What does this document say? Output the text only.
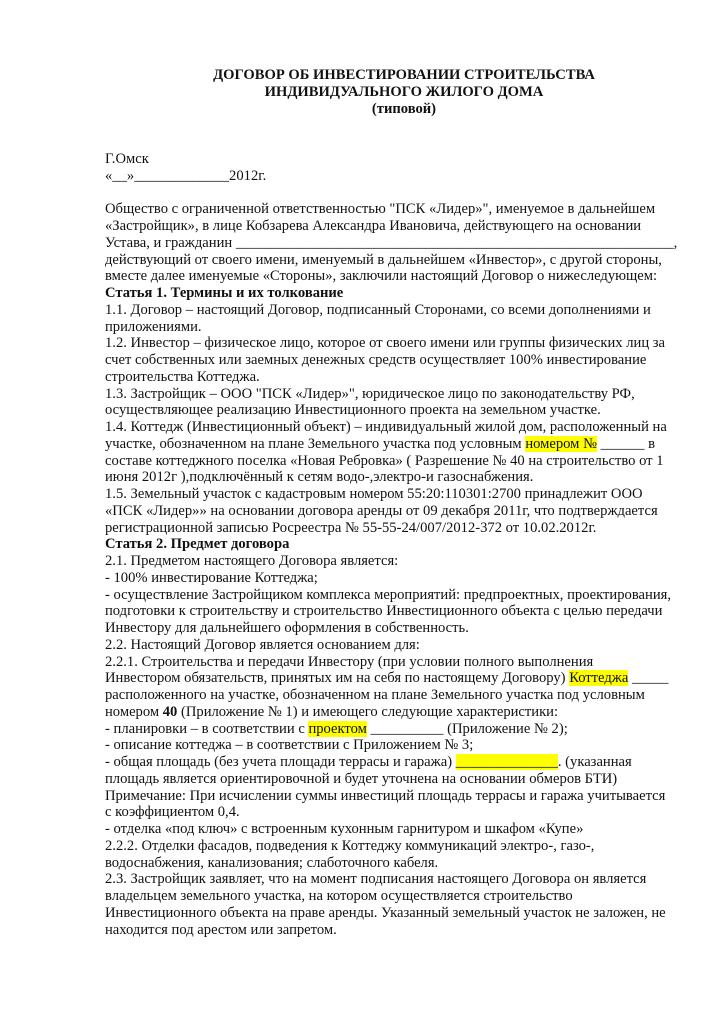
ДОГОВОР ОБ ИНВЕСТИРОВАНИИ СТРОИТЕЛЬСТВА
ИНДИВИДУАЛЬНОГО ЖИЛОГО ДОМА
(типовой)
Г.Омск
«__»_____________2012г.
Общество с ограниченной ответственностью "ПСК «Лидер»", именуемое в дальнейшем
«Застройщик», в лице Кобзарева Александра Ивановича, действующего на основании
Устава, и гражданин ____________________________________________________________,
действующий от своего имени, именуемый в дальнейшем «Инвестор», с другой стороны,
вместе далее именуемые «Стороны», заключили настоящий Договор о нижеследующем:
Статья 1. Термины и их толкование
1.1. Договор – настоящий Договор, подписанный Сторонами, со всеми дополнениями и
приложениями.
1.2. Инвестор – физическое лицо, которое от своего имени или группы физических лиц за
счет собственных или заемных денежных средств осуществляет 100% инвестирование
строительства Коттеджа.
1.3. Застройщик – ООО "ПСК «Лидер»", юридическое лицо по законодательству РФ,
осуществляющее реализацию Инвестиционного проекта на земельном участке.
1.4. Коттедж (Инвестиционный объект) – индивидуальный жилой дом, расположенный на
участке, обозначенном на плане Земельного участка под условным номером № ______ в
составе коттеджного поселка «Новая Ребровка» ( Разрешение № 40 на строительство от 1
июня 2012г ),подключённый к сетям водо-,электро-и газоснабжения.
1.5. Земельный участок с кадастровым номером 55:20:110301:2700 принадлежит ООО
«ПСК «Лидер»» на основании договора аренды от 09 декабря 2011г, что подтверждается
регистрационной записью Росреестра № 55-55-24/007/2012-372 от 10.02.2012г.
Статья 2. Предмет договора
2.1. Предметом настоящего Договора является:
- 100% инвестирование Коттеджа;
- осуществление Застройщиком комплекса мероприятий: предпроектных, проектирования,
подготовки к строительству и строительство Инвестиционного объекта с целью передачи
Инвестору для дальнейшего оформления в собственность.
2.2. Настоящий Договор является основанием для:
2.2.1. Строительства и передачи Инвестору (при условии полного выполнения
Инвестором обязательств, принятых им на себя по настоящему Договору) Коттеджа _____
расположенного на участке, обозначенном на плане Земельного участка под условным
номером 40 (Приложение № 1) и имеющего следующие характеристики:
- планировки – в соответствии с проектом __________ (Приложение № 2);
- описание коттеджа – в соответствии с Приложением № 3;
- общая площадь (без учета площади террасы и гаража) ______________. (указанная
площадь является ориентировочной и будет уточнена на основании обмеров БТИ)
Примечание: При исчислении суммы инвестиций площадь террасы и гаража учитывается
с коэффициентом 0,4.
- отделка «под ключ» с встроенным кухонным гарнитуром и шкафом «Купе»
2.2.2. Отделки фасадов, подведения к Коттеджу коммуникаций электро-, газо-,
водоснабжения, канализования; слаботочного кабеля.
2.3. Застройщик заявляет, что на момент подписания настоящего Договора он является
владельцем земельного участка, на котором осуществляется строительство
Инвестиционного объекта на праве аренды. Указанный земельный участок не заложен, не
находится под арестом или запретом.
